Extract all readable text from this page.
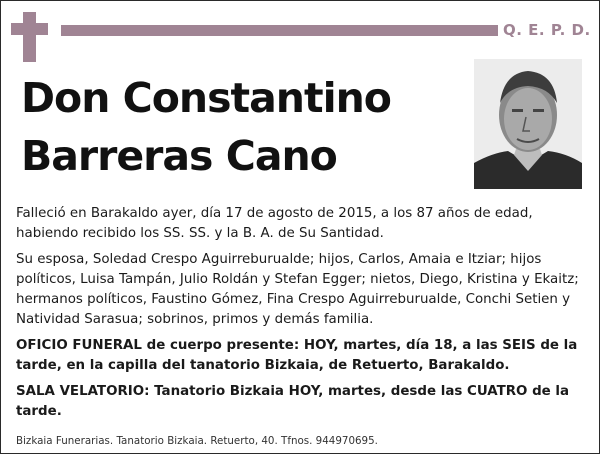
Q. E. P. D.
Don Constantino
Barreras Cano

Falleció en Barakaldo ayer, día 17 de agosto de 2015, a los 87 años de edad, habiendo recibido los SS. SS. y la B. A. de Su Santidad.

Su esposa, Soledad Crespo Aguirreburualde; hijos, Carlos, Amaia e Itziar; hijos políticos, Luisa Tampán, Julio Roldán y Stefan Egger; nietos, Diego, Kristina y Ekaitz; hermanos políticos, Faustino Gómez, Fina Crespo Aguirreburualde, Conchi Setien y Natividad Sarasua; sobrinos, primos y demás familia.

OFICIO FUNERAL de cuerpo presente: HOY, martes, día 18, a las SEIS de la tarde, en la capilla del tanatorio Bizkaia, de Retuerto, Barakaldo.

SALA VELATORIO: Tanatorio Bizkaia HOY, martes, desde las CUATRO de la tarde.

Bizkaia Funerarias. Tanatorio Bizkaia. Retuerto, 40. Tfnos. 944970695.
